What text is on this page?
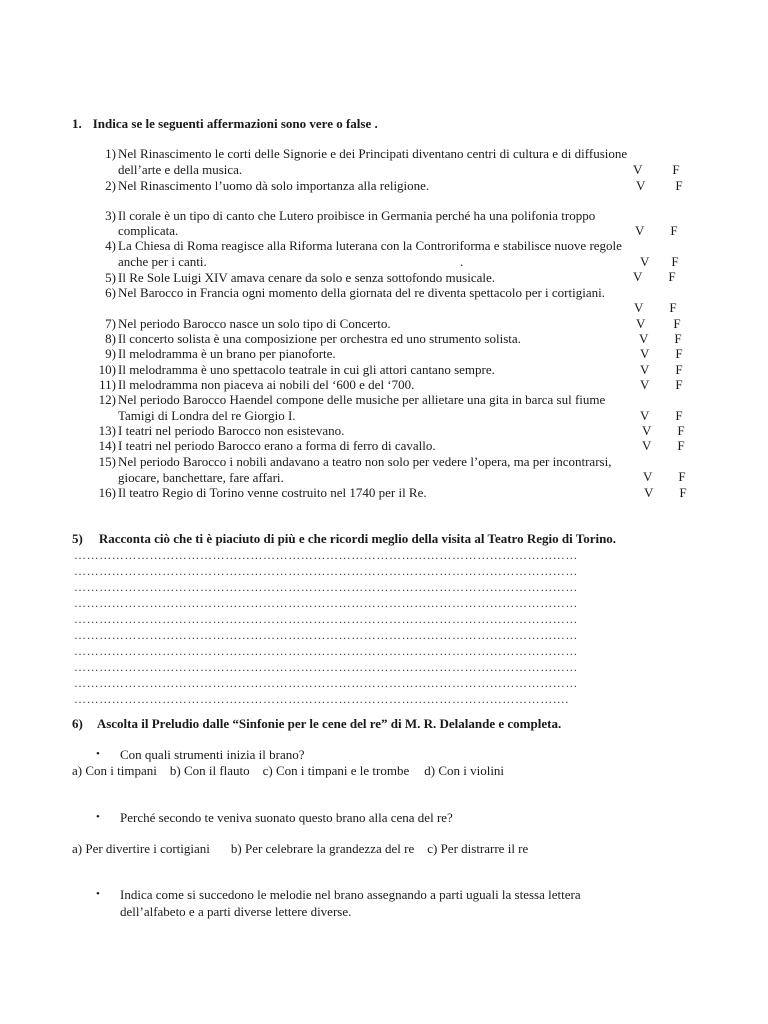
1. Indica se le seguenti affermazioni sono vere o false .
1) Nel Rinascimento le corti delle Signorie e dei Principati diventano centri di cultura e di diffusione
dell’arte e della musica.	V F
2) Nel Rinascimento l’uomo dà solo importanza alla religione.	V F
3) Il corale è un tipo di canto che Lutero proibisce in Germania perché ha una polifonia troppo
complicata.	V F
4) La Chiesa di Roma reagisce alla Riforma luterana con la Controriforma e stabilisce nuove regole
anche per i canti.	.	V F
5) Il Re Sole Luigi XIV amava cenare da solo e senza sottofondo musicale.	V F
6) Nel Barocco in Francia ogni momento della giornata del re diventa spettacolo per i cortigiani.
V F
7) Nel periodo Barocco nasce un solo tipo di Concerto.	V F
8) Il concerto solista è una composizione per orchestra ed uno strumento solista.	V F
9) Il melodramma è un brano per pianoforte.	V F
10) Il melodramma è uno spettacolo teatrale in cui gli attori cantano sempre.	V F
11) Il melodramma non piaceva ai nobili del ‘600 e del ‘700.	V F
12) Nel periodo Barocco Haendel compone delle musiche per allietare una gita in barca sul fiume
Tamigi di Londra del re Giorgio I.	V F
13) I teatri nel periodo Barocco non esistevano.	V F
14) I teatri nel periodo Barocco erano a forma di ferro di cavallo.	V F
15) Nel periodo Barocco i nobili andavano a teatro non solo per vedere l’opera, ma per incontrarsi,
giocare, banchettare, fare affari.	V F
16) Il teatro Regio di Torino venne costruito nel 1740 per il Re.	V F
5) Racconta ciò che ti è piaciuto di più e che ricordi meglio della visita al Teatro Regio di Torino.
…………………………………………………………………………………………………………
…………………………………………………………………………………………………………
…………………………………………………………………………………………………………
…………………………………………………………………………………………………………
…………………………………………………………………………………………………………
…………………………………………………………………………………………………………
…………………………………………………………………………………………………………
…………………………………………………………………………………………………………
…………………………………………………………………………………………………………
……………………………………………………………………………………………………….
6) Ascolta il Preludio dalle “Sinfonie per le cene del re” di M. R. Delalande e completa.
• Con quali strumenti inizia il brano?
a) Con i timpani b) Con il flauto c) Con i timpani e le trombe d) Con i violini
• Perché secondo te veniva suonato questo brano alla cena del re?
a) Per divertire i cortigiani b) Per celebrare la grandezza del re c) Per distrarre il re
• Indica come si succedono le melodie nel brano assegnando a parti uguali la stessa lettera
dell’alfabeto e a parti diverse lettere diverse.
